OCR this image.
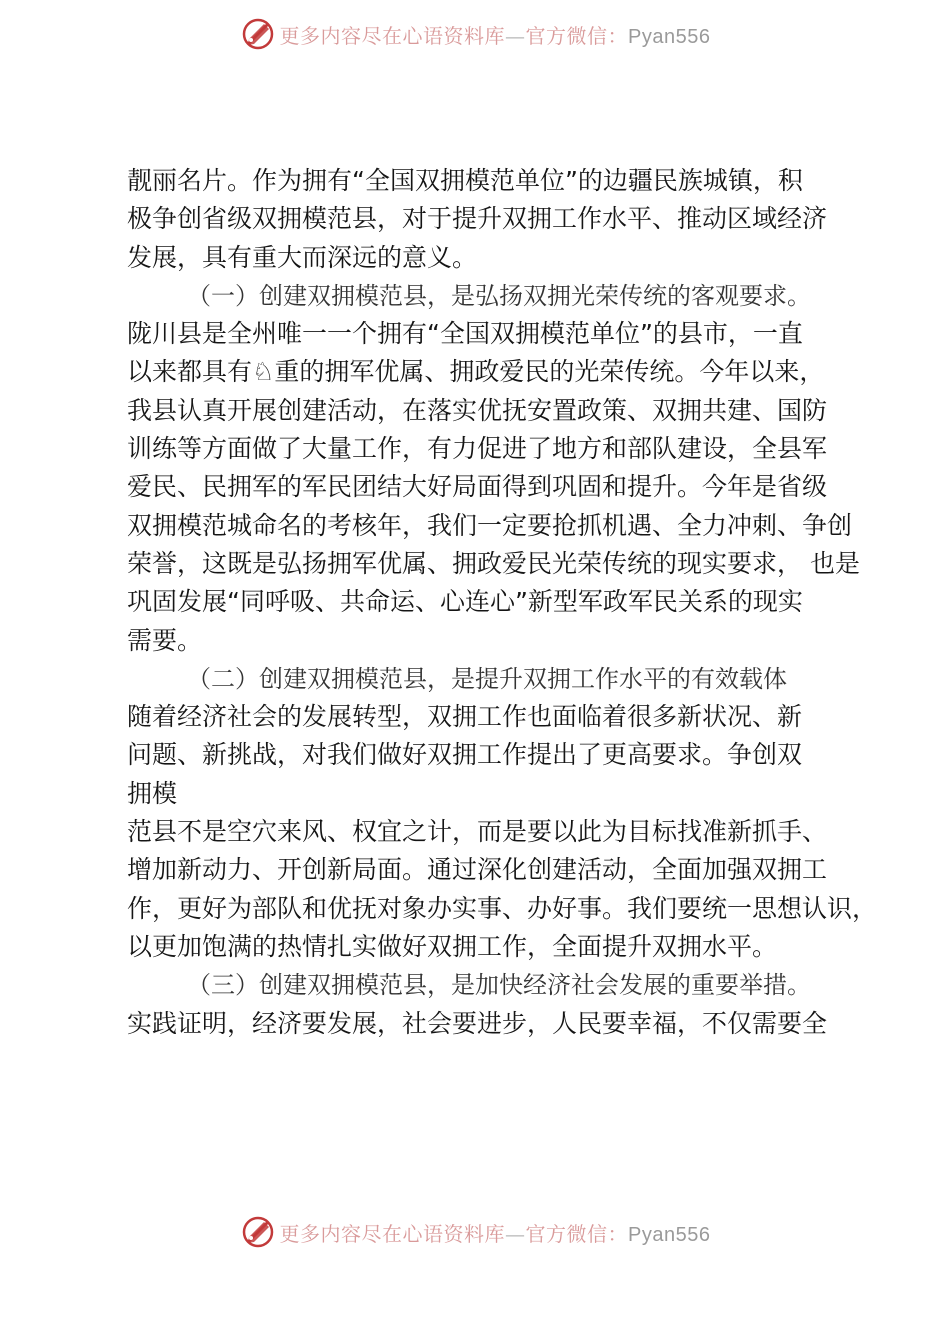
更多内容尽在心语资料库—官方微信：Pyan556
靓丽名片。作为拥有“全国双拥模范单位”的边疆民族城镇，积
极争创省级双拥模范县，对于提升双拥工作水平、推动区域经济
发展，具有重大而深远的意义。
（一）创建双拥模范县，是弘扬双拥光荣传统的客观要求。
陇川县是全州唯一一个拥有“全国双拥模范单位”的县市，一直
以来都具有♘重的拥军优属、拥政爱民的光荣传统。今年以来，
我县认真开展创建活动，在落实优抚安置政策、双拥共建、国防
训练等方面做了大量工作，有力促进了地方和部队建设，全县军
爱民、民拥军的军民团结大好局面得到巩固和提升。今年是省级
双拥模范城命名的考核年，我们一定要抢抓机遇、全力冲刺、争创
荣誉，这既是弘扬拥军优属、拥政爱民光荣传统的现实要求， 也是
巩固发展“同呼吸、共命运、心连心”新型军政军民关系的现实
需要。
（二）创建双拥模范县，是提升双拥工作水平的有效载体
随着经济社会的发展转型，双拥工作也面临着很多新状况、新
问题、新挑战，对我们做好双拥工作提出了更高要求。争创双
拥模
范县不是空穴来风、权宜之计，而是要以此为目标找准新抓手、
增加新动力、开创新局面。通过深化创建活动，全面加强双拥工
作，更好为部队和优抚对象办实事、办好事。我们要统一思想认识，
以更加饱满的热情扎实做好双拥工作，全面提升双拥水平。
（三）创建双拥模范县，是加快经济社会发展的重要举措。
实践证明，经济要发展，社会要进步，人民要幸福，不仅需要全
更多内容尽在心语资料库—官方微信：Pyan556
